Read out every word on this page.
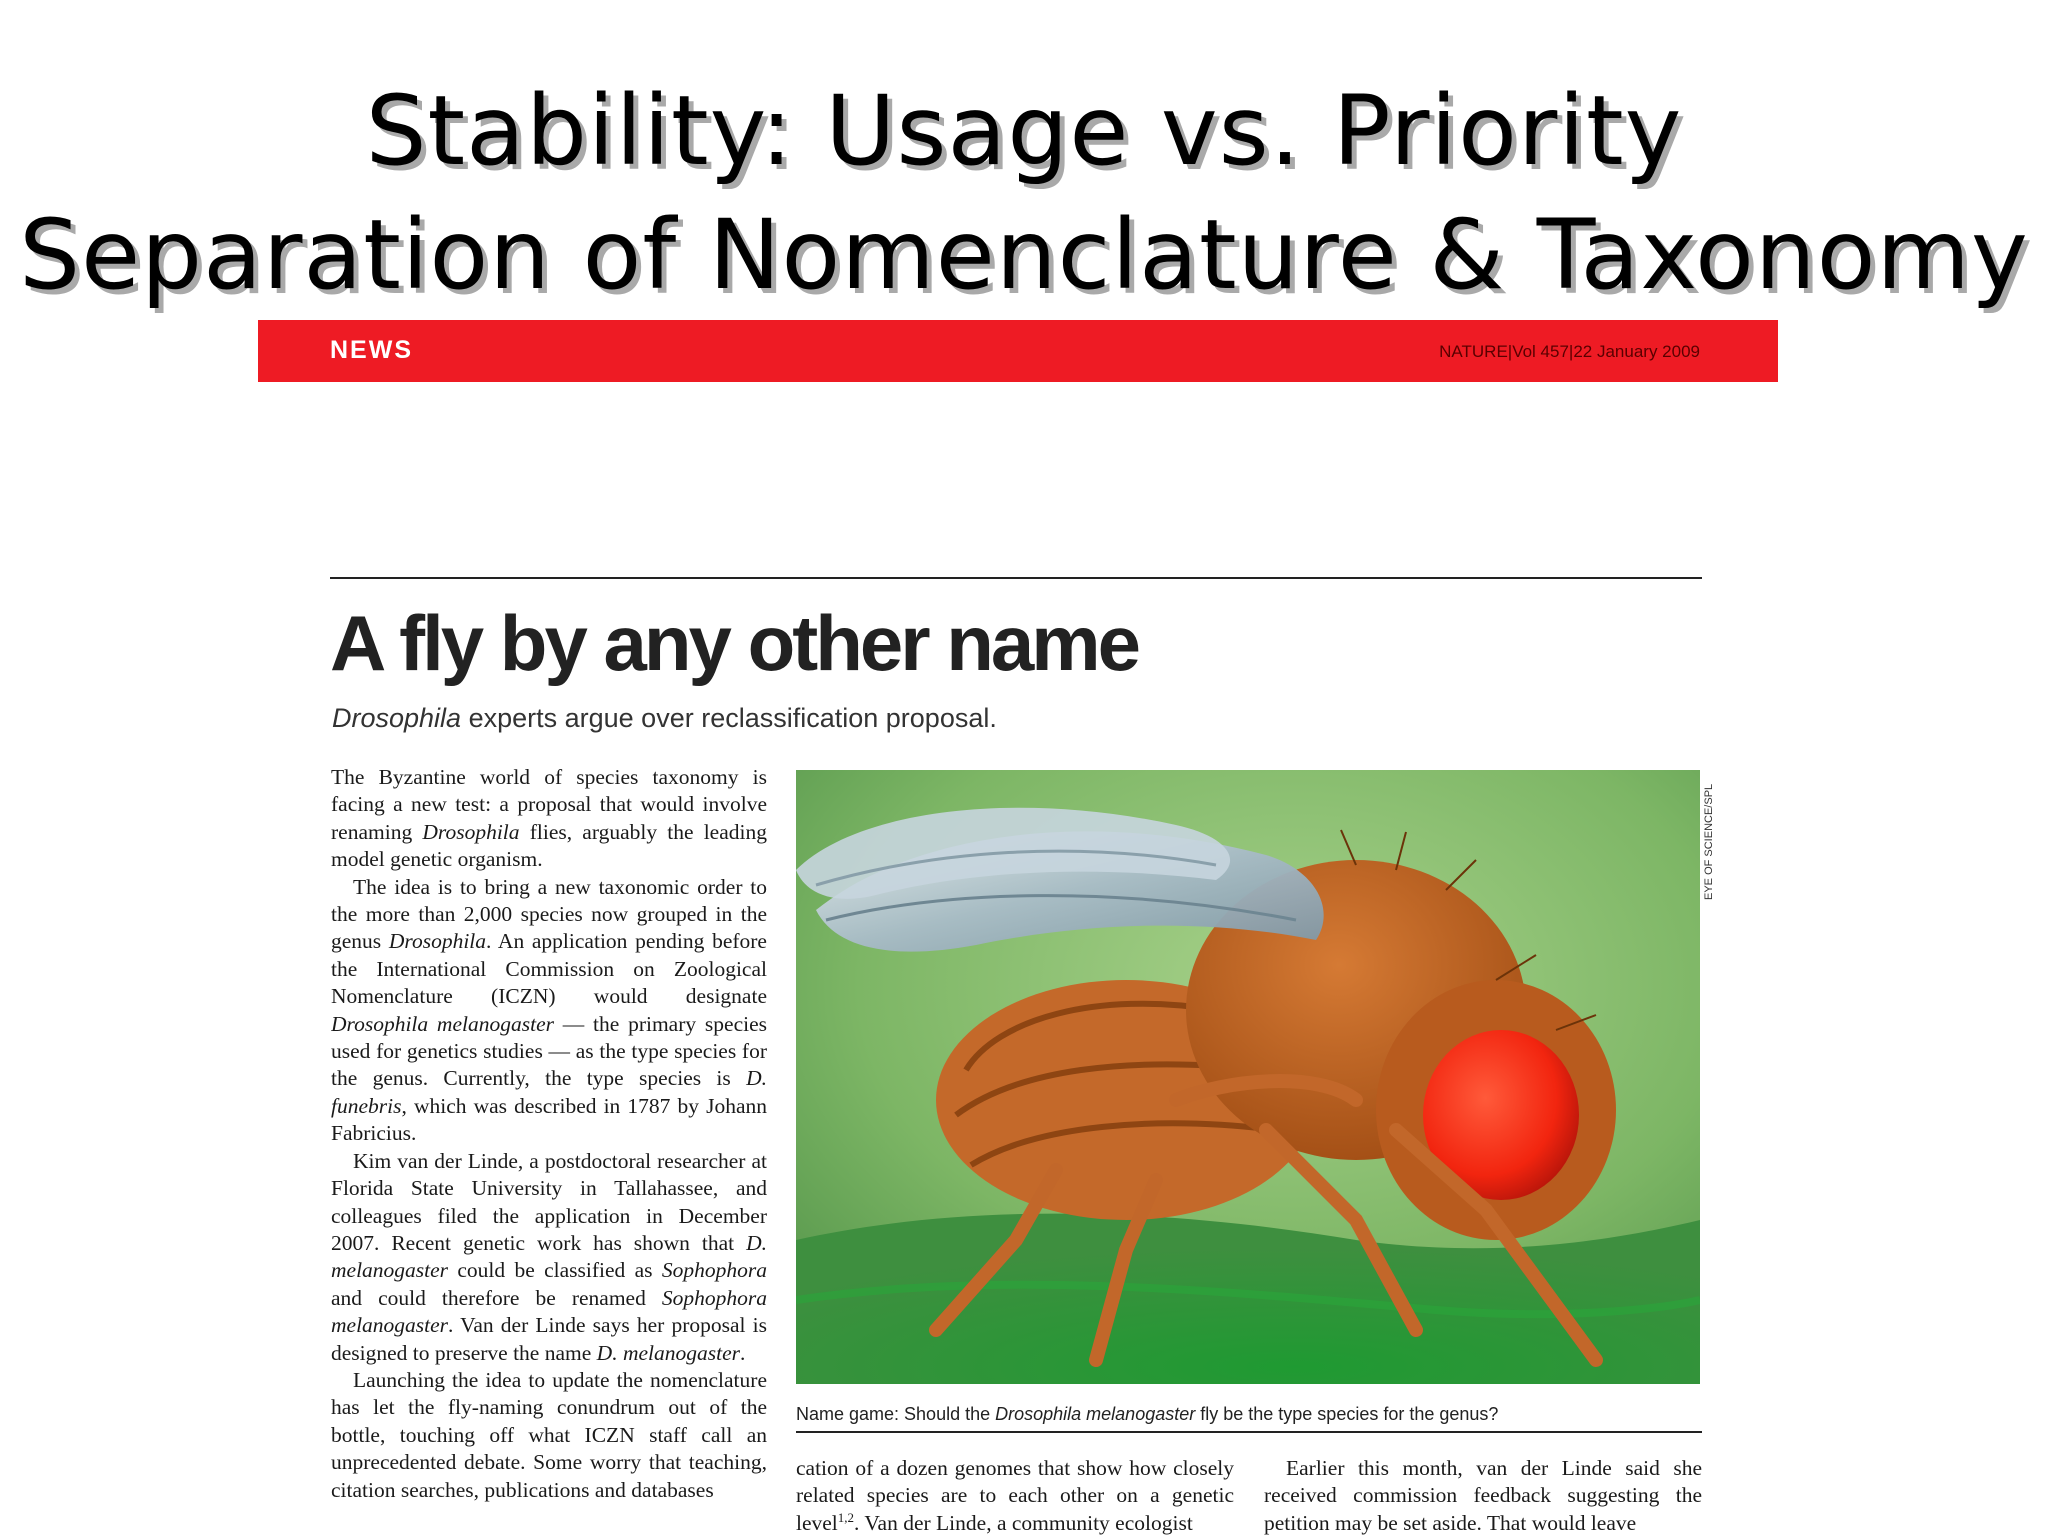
Stability: Usage vs. Priority
Separation of Nomenclature & Taxonomy
NEWS	NATURE|Vol 457|22 January 2009
A fly by any other name
Drosophila experts argue over reclassification proposal.

The Byzantine world of species taxonomy is facing a new test: a proposal that would involve renaming Drosophila flies, arguably the leading model genetic organism.

The idea is to bring a new taxonomic order to the more than 2,000 species now grouped in the genus Drosophila. An application pending before the International Commission on Zoological Nomenclature (ICZN) would designate Drosophila melanogaster — the primary species used for genetics studies — as the type species for the genus. Currently, the type species is D. funebris, which was described in 1787 by Johann Fabricius.

Kim van der Linde, a postdoctoral researcher at Florida State University in Tallahassee, and colleagues filed the application in December 2007. Recent genetic work has shown that D. melanogaster could be classified as Sophophora and could therefore be renamed Sophophora melanogaster. Van der Linde says her proposal is designed to preserve the name D. melanogaster.

Launching the idea to update the nomenclature has let the fly-naming conundrum out of the bottle, touching off what ICZN staff call an unprecedented debate. Some worry that teaching, citation searches, publications and databases

EYE OF SCIENCE/SPL
Name game: Should the Drosophila melanogaster fly be the type species for the genus?

cation of a dozen genomes that show how closely related species are to each other on a genetic level$^{1,2}$. Van der Linde, a community ecologist

Earlier this month, van der Linde said she received commission feedback suggesting the petition may be set aside. That would leave
